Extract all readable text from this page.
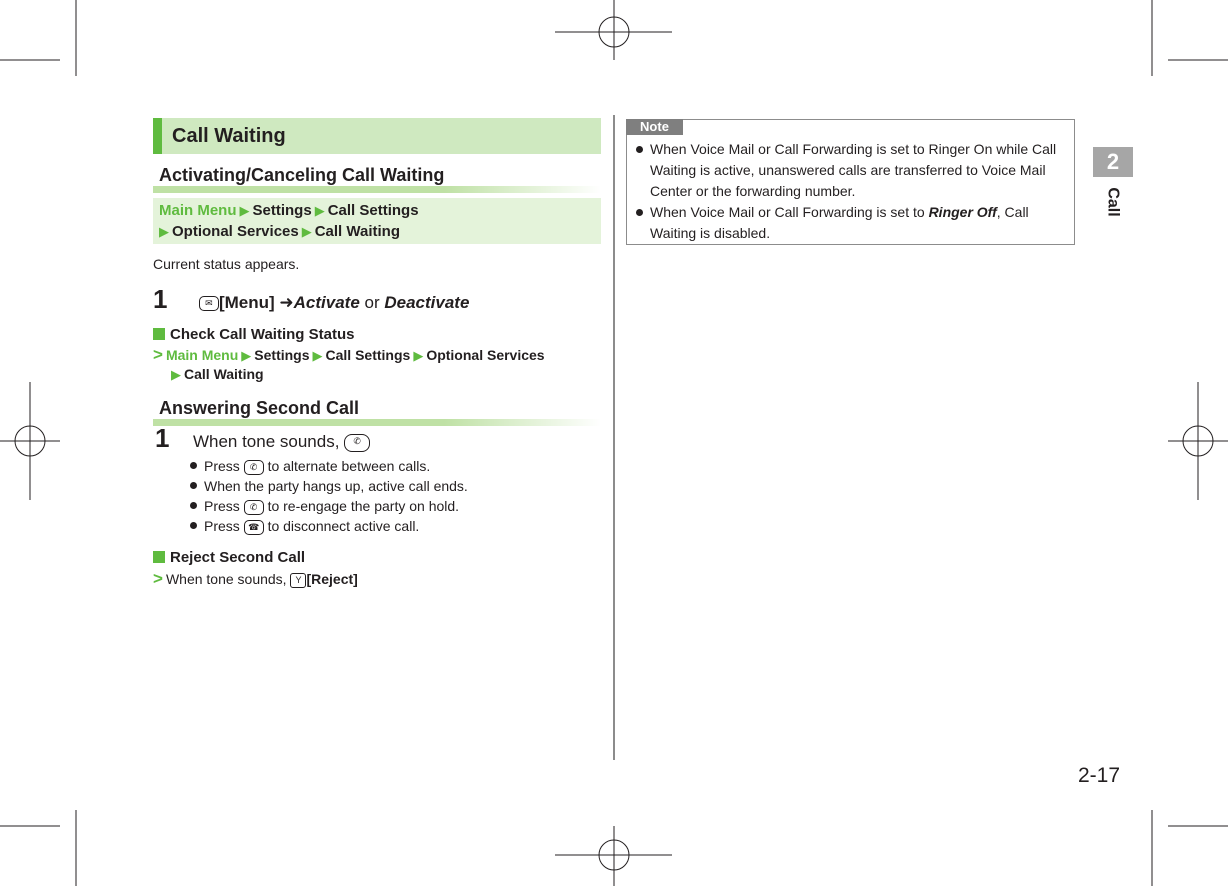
2
Call
Call Waiting
Activating/Canceling Call Waiting
Main Menu ▶ Settings ▶ Call Settings
▶ Optional Services ▶ Call Waiting
Current status appears.
1	✉ [Menu] ➜Activate or Deactivate
Check Call Waiting Status
> Main Menu ▶ Settings ▶ Call Settings ▶ Optional Services
▶ Call Waiting
Answering Second Call
1 When tone sounds, ✆
Press ✆ to alternate between calls.
When the party hangs up, active call ends.
Press ✆ to re-engage the party on hold.
Press ☎ to disconnect active call.
Reject Second Call
> When tone sounds, Y [Reject]
Note
When Voice Mail or Call Forwarding is set to Ringer On while Call Waiting is active, unanswered calls are transferred to Voice Mail Center or the forwarding number.
When Voice Mail or Call Forwarding is set to Ringer Off, Call Waiting is disabled.
2-17
